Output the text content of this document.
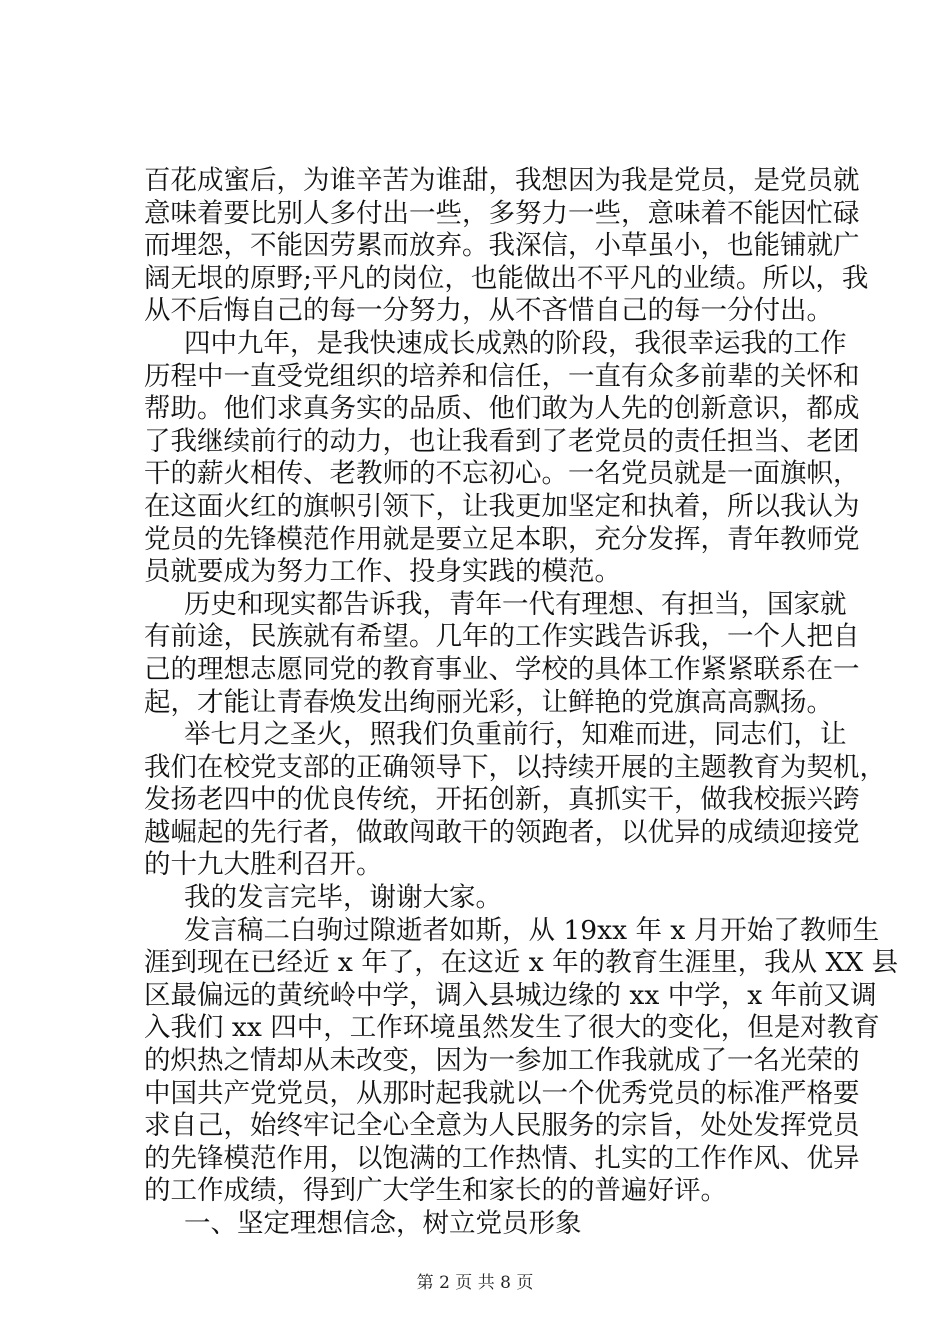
百花成蜜后，为谁辛苦为谁甜，我想因为我是党员，是党员就
意味着要比别人多付出一些，多努力一些，意味着不能因忙碌
而埋怨，不能因劳累而放弃。我深信，小草虽小，也能铺就广
阔无垠的原野;平凡的岗位，也能做出不平凡的业绩。所以，我
从不后悔自己的每一分努力，从不吝惜自己的每一分付出。
四中九年，是我快速成长成熟的阶段，我很幸运我的工作
历程中一直受党组织的培养和信任，一直有众多前辈的关怀和
帮助。他们求真务实的品质、他们敢为人先的创新意识，都成
了我继续前行的动力，也让我看到了老党员的责任担当、老团
干的薪火相传、老教师的不忘初心。一名党员就是一面旗帜，
在这面火红的旗帜引领下，让我更加坚定和执着，所以我认为
党员的先锋模范作用就是要立足本职，充分发挥，青年教师党
员就要成为努力工作、投身实践的模范。
历史和现实都告诉我，青年一代有理想、有担当，国家就
有前途，民族就有希望。几年的工作实践告诉我，一个人把自
己的理想志愿同党的教育事业、学校的具体工作紧紧联系在一
起，才能让青春焕发出绚丽光彩，让鲜艳的党旗高高飘扬。
举七月之圣火，照我们负重前行，知难而进，同志们，让
我们在校党支部的正确领导下，以持续开展的主题教育为契机，
发扬老四中的优良传统，开拓创新，真抓实干，做我校振兴跨
越崛起的先行者，做敢闯敢干的领跑者，以优异的成绩迎接党
的十九大胜利召开。
我的发言完毕，谢谢大家。
发言稿二白驹过隙逝者如斯，从 19xx 年 x 月开始了教师生
涯到现在已经近 x 年了，在这近 x 年的教育生涯里，我从 XX 县
区最偏远的黄统岭中学，调入县城边缘的 xx 中学，x 年前又调
入我们 xx 四中，工作环境虽然发生了很大的变化，但是对教育
的炽热之情却从未改变，因为一参加工作我就成了一名光荣的
中国共产党党员，从那时起我就以一个优秀党员的标准严格要
求自己，始终牢记全心全意为人民服务的宗旨，处处发挥党员
的先锋模范作用，以饱满的工作热情、扎实的工作作风、优异
的工作成绩，得到广大学生和家长的的普遍好评。
一、坚定理想信念，树立党员形象
第 2 页 共 8 页
